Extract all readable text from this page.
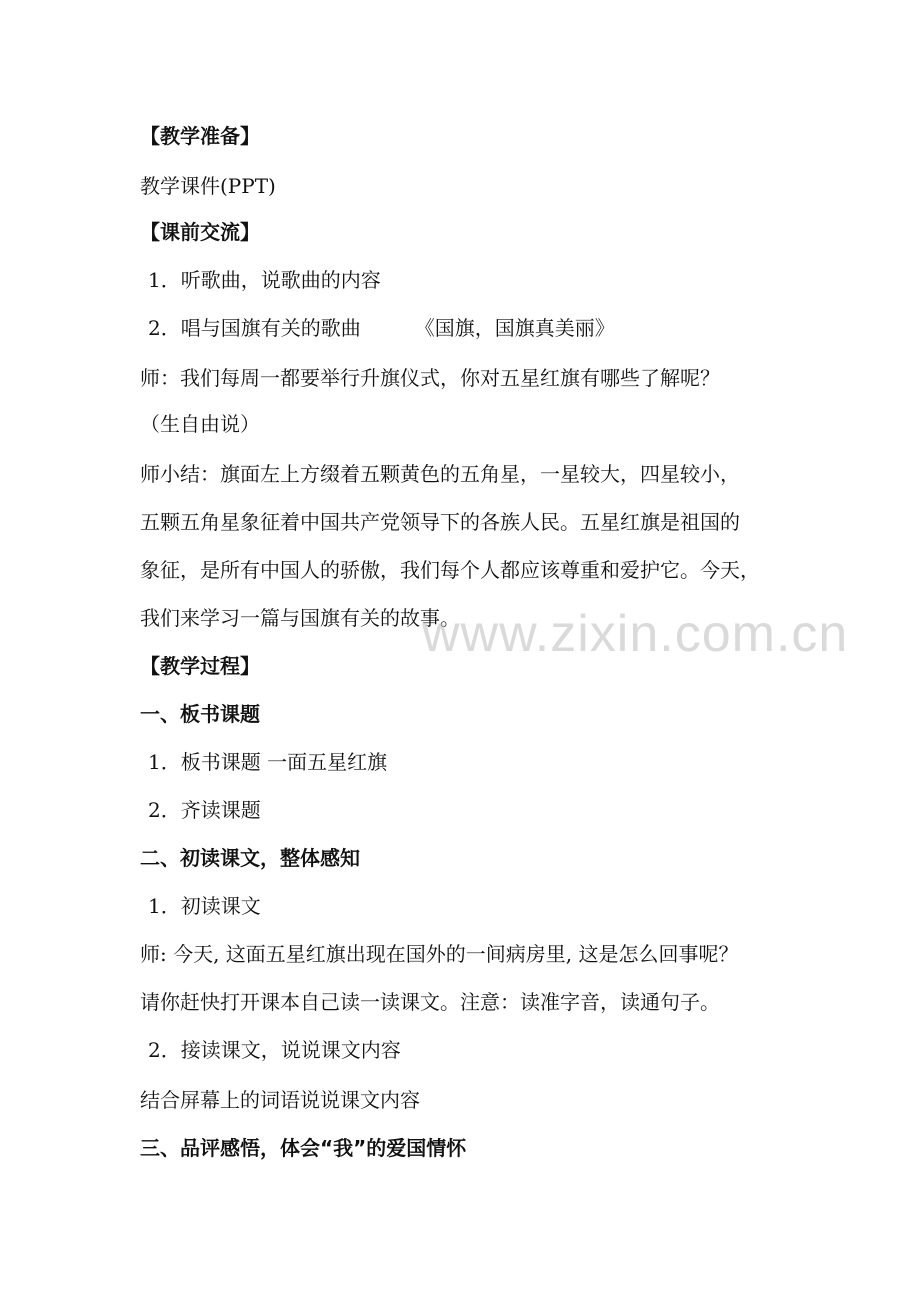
【教学准备】
教学课件(PPT)
【课前交流】
1．听歌曲，说歌曲的内容
2．唱与国旗有关的歌曲	《国旗，国旗真美丽》
师：我们每周一都要举行升旗仪式，你对五星红旗有哪些了解呢？
（生自由说）
师小结：旗面左上方缀着五颗黄色的五角星，一星较大，四星较小，
五颗五角星象征着中国共产党领导下的各族人民。五星红旗是祖国的
象征，是所有中国人的骄傲，我们每个人都应该尊重和爱护它。今天，
我们来学习一篇与国旗有关的故事。
【教学过程】
一、板书课题
1．板书课题 一面五星红旗
2．齐读课题
二、初读课文，整体感知
1．初读课文
师: 今天, 这面五星红旗出现在国外的一间病房里, 这是怎么回事呢？
请你赶快打开课本自己读一读课文。注意：读准字音，读通句子。
2．接读课文，说说课文内容
结合屏幕上的词语说说课文内容
三、品评感悟，体会“我”的爱国情怀
www.zixin.com.cn
